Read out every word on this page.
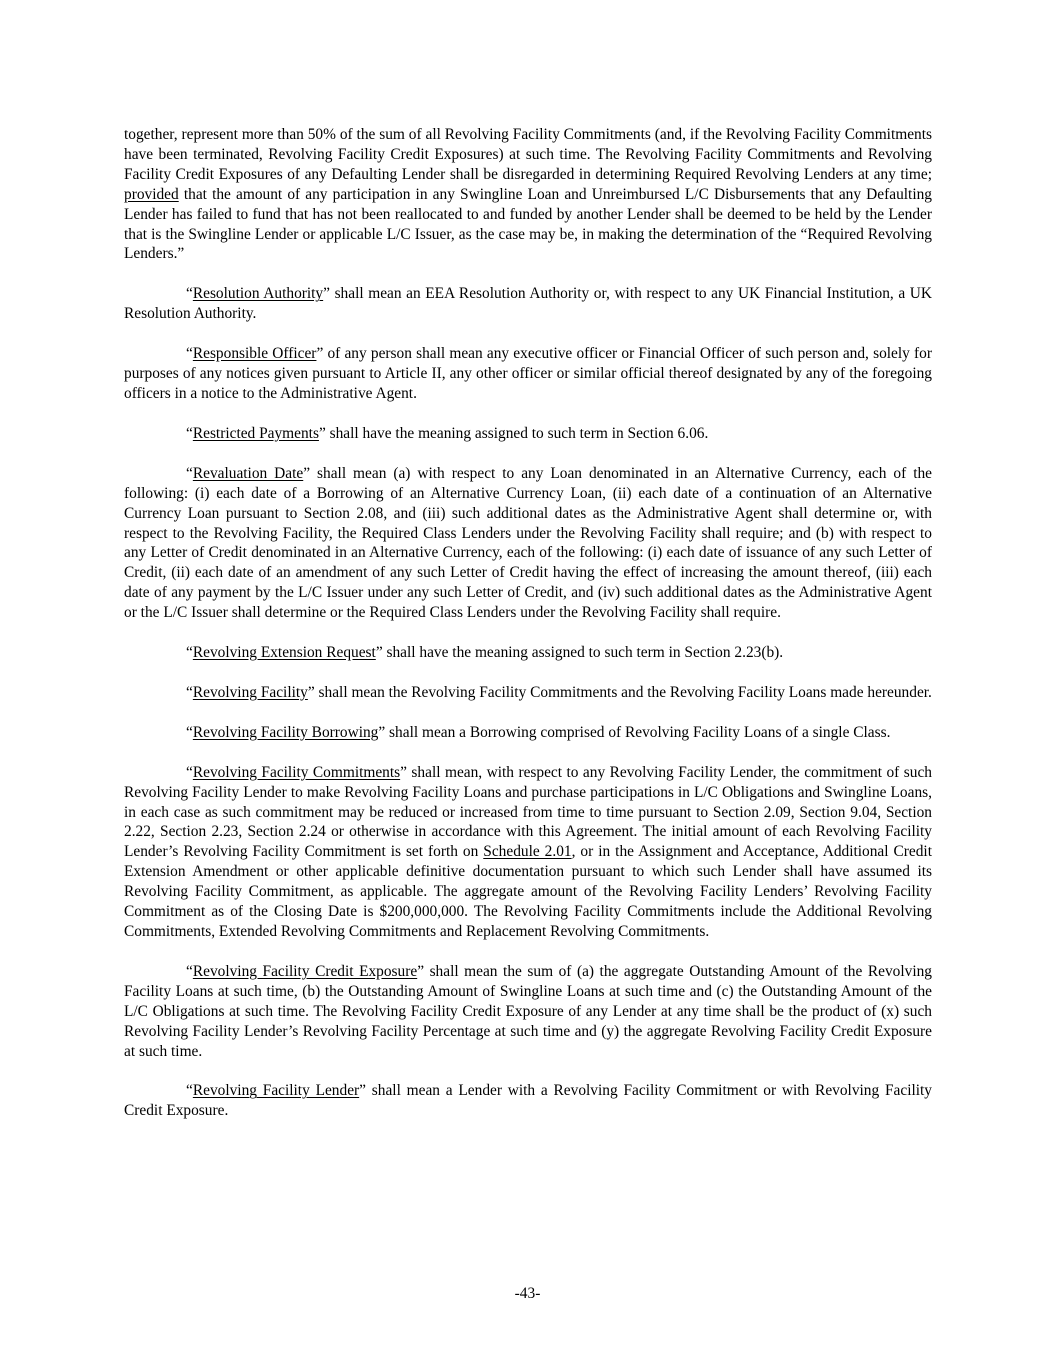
together, represent more than 50% of the sum of all Revolving Facility Commitments (and, if the Revolving Facility Commitments have been terminated, Revolving Facility Credit Exposures) at such time. The Revolving Facility Commitments and Revolving Facility Credit Exposures of any Defaulting Lender shall be disregarded in determining Required Revolving Lenders at any time; provided that the amount of any participation in any Swingline Loan and Unreimbursed L/C Disbursements that any Defaulting Lender has failed to fund that has not been reallocated to and funded by another Lender shall be deemed to be held by the Lender that is the Swingline Lender or applicable L/C Issuer, as the case may be, in making the determination of the “Required Revolving Lenders.”

“Resolution Authority” shall mean an EEA Resolution Authority or, with respect to any UK Financial Institution, a UK Resolution Authority.

“Responsible Officer” of any person shall mean any executive officer or Financial Officer of such person and, solely for purposes of any notices given pursuant to Article II, any other officer or similar official thereof designated by any of the foregoing officers in a notice to the Administrative Agent.

“Restricted Payments” shall have the meaning assigned to such term in Section 6.06.

“Revaluation Date” shall mean (a) with respect to any Loan denominated in an Alternative Currency, each of the following: (i) each date of a Borrowing of an Alternative Currency Loan, (ii) each date of a continuation of an Alternative Currency Loan pursuant to Section 2.08, and (iii) such additional dates as the Administrative Agent shall determine or, with respect to the Revolving Facility, the Required Class Lenders under the Revolving Facility shall require; and (b) with respect to any Letter of Credit denominated in an Alternative Currency, each of the following: (i) each date of issuance of any such Letter of Credit, (ii) each date of an amendment of any such Letter of Credit having the effect of increasing the amount thereof, (iii) each date of any payment by the L/C Issuer under any such Letter of Credit, and (iv) such additional dates as the Administrative Agent or the L/C Issuer shall determine or the Required Class Lenders under the Revolving Facility shall require.

“Revolving Extension Request” shall have the meaning assigned to such term in Section 2.23(b).

“Revolving Facility” shall mean the Revolving Facility Commitments and the Revolving Facility Loans made hereunder.

“Revolving Facility Borrowing” shall mean a Borrowing comprised of Revolving Facility Loans of a single Class.

“Revolving Facility Commitments” shall mean, with respect to any Revolving Facility Lender, the commitment of such Revolving Facility Lender to make Revolving Facility Loans and purchase participations in L/C Obligations and Swingline Loans, in each case as such commitment may be reduced or increased from time to time pursuant to Section 2.09, Section 9.04, Section 2.22, Section 2.23, Section 2.24 or otherwise in accordance with this Agreement. The initial amount of each Revolving Facility Lender’s Revolving Facility Commitment is set forth on Schedule 2.01, or in the Assignment and Acceptance, Additional Credit Extension Amendment or other applicable definitive documentation pursuant to which such Lender shall have assumed its Revolving Facility Commitment, as applicable. The aggregate amount of the Revolving Facility Lenders’ Revolving Facility Commitment as of the Closing Date is $200,000,000. The Revolving Facility Commitments include the Additional Revolving Commitments, Extended Revolving Commitments and Replacement Revolving Commitments.

“Revolving Facility Credit Exposure” shall mean the sum of (a) the aggregate Outstanding Amount of the Revolving Facility Loans at such time, (b) the Outstanding Amount of Swingline Loans at such time and (c) the Outstanding Amount of the L/C Obligations at such time. The Revolving Facility Credit Exposure of any Lender at any time shall be the product of (x) such Revolving Facility Lender’s Revolving Facility Percentage at such time and (y) the aggregate Revolving Facility Credit Exposure at such time.

“Revolving Facility Lender” shall mean a Lender with a Revolving Facility Commitment or with Revolving Facility Credit Exposure.

-43-
